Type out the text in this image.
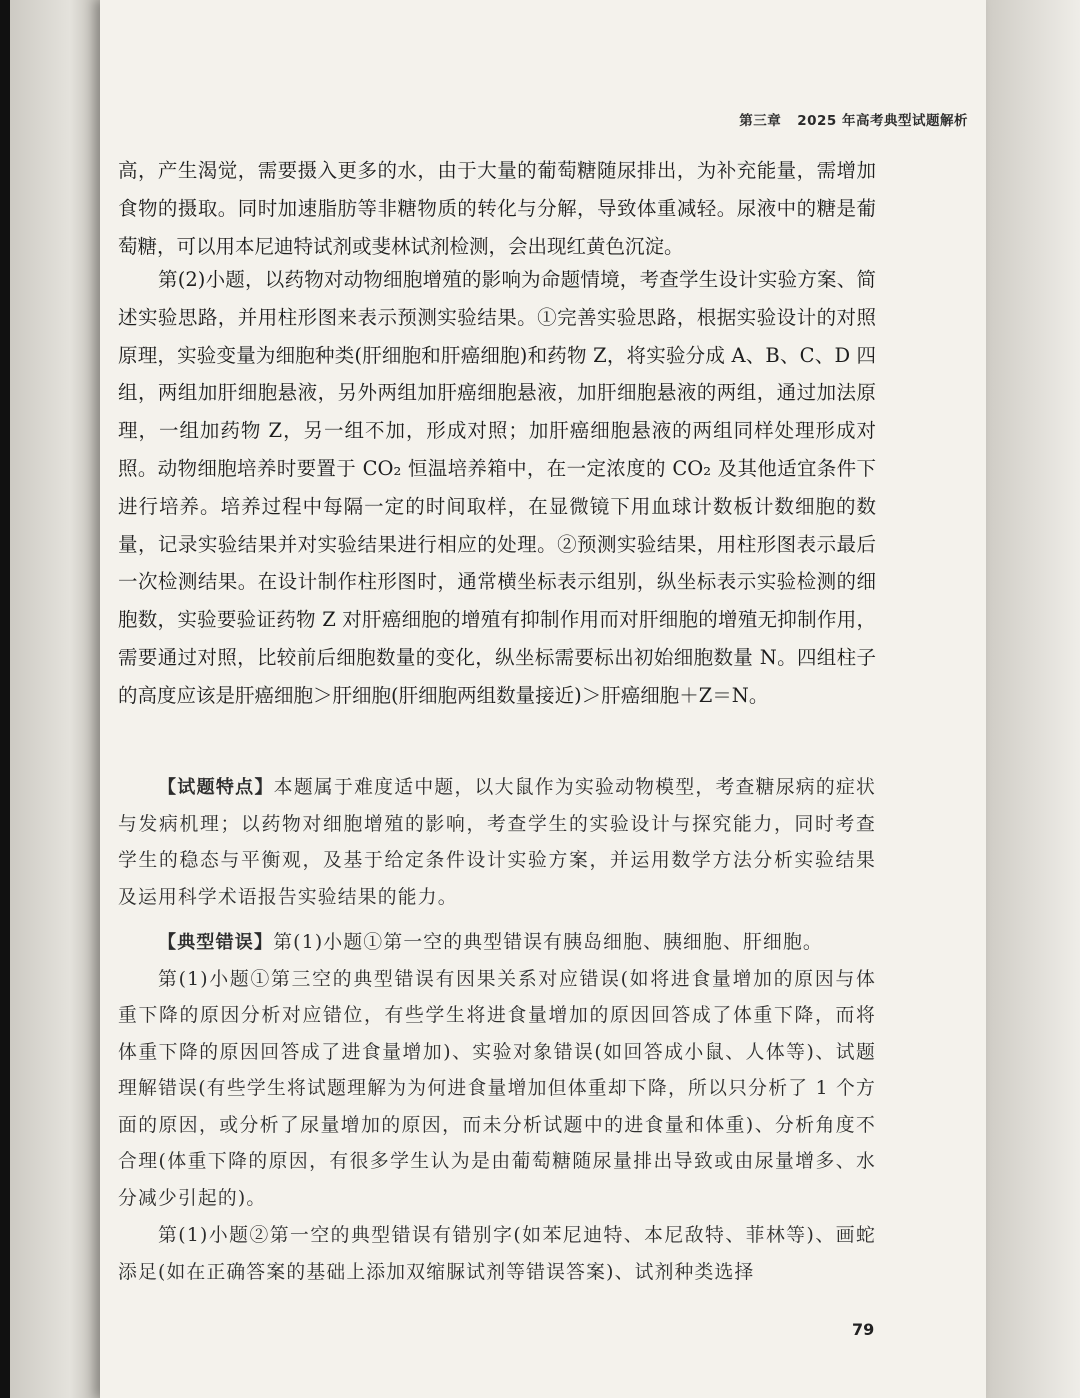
第三章 2025 年高考典型试题解析

高，产生渴觉，需要摄入更多的水，由于大量的葡萄糖随尿排出，为补充能量，需增加食物的摄取。同时加速脂肪等非糖物质的转化与分解，导致体重减轻。尿液中的糖是葡萄糖，可以用本尼迪特试剂或斐林试剂检测，会出现红黄色沉淀。

第(2)小题，以药物对动物细胞增殖的影响为命题情境，考查学生设计实验方案、简述实验思路，并用柱形图来表示预测实验结果。①完善实验思路，根据实验设计的对照原理，实验变量为细胞种类(肝细胞和肝癌细胞)和药物 Z，将实验分成 A、B、C、D 四组，两组加肝细胞悬液，另外两组加肝癌细胞悬液，加肝细胞悬液的两组，通过加法原理，一组加药物 Z，另一组不加，形成对照；加肝癌细胞悬液的两组同样处理形成对照。动物细胞培养时要置于 CO₂ 恒温培养箱中，在一定浓度的 CO₂ 及其他适宜条件下进行培养。培养过程中每隔一定的时间取样，在显微镜下用血球计数板计数细胞的数量，记录实验结果并对实验结果进行相应的处理。②预测实验结果，用柱形图表示最后一次检测结果。在设计制作柱形图时，通常横坐标表示组别，纵坐标表示实验检测的细胞数，实验要验证药物 Z 对肝癌细胞的增殖有抑制作用而对肝细胞的增殖无抑制作用，需要通过对照，比较前后细胞数量的变化，纵坐标需要标出初始细胞数量 N。四组柱子的高度应该是肝癌细胞＞肝细胞(肝细胞两组数量接近)＞肝癌细胞＋Z＝N。

【试题特点】本题属于难度适中题，以大鼠作为实验动物模型，考查糖尿病的症状与发病机理；以药物对细胞增殖的影响，考查学生的实验设计与探究能力，同时考查学生的稳态与平衡观，及基于给定条件设计实验方案，并运用数学方法分析实验结果及运用科学术语报告实验结果的能力。

【典型错误】第(1)小题①第一空的典型错误有胰岛细胞、胰细胞、肝细胞。

第(1)小题①第三空的典型错误有因果关系对应错误(如将进食量增加的原因与体重下降的原因分析对应错位，有些学生将进食量增加的原因回答成了体重下降，而将体重下降的原因回答成了进食量增加)、实验对象错误(如回答成小鼠、人体等)、试题理解错误(有些学生将试题理解为为何进食量增加但体重却下降，所以只分析了 1 个方面的原因，或分析了尿量增加的原因，而未分析试题中的进食量和体重)、分析角度不合理(体重下降的原因，有很多学生认为是由葡萄糖随尿量排出导致或由尿量增多、水分减少引起的)。

第(1)小题②第一空的典型错误有错别字(如苯尼迪特、本尼敌特、菲林等)、画蛇添足(如在正确答案的基础上添加双缩脲试剂等错误答案)、试剂种类选择

79
